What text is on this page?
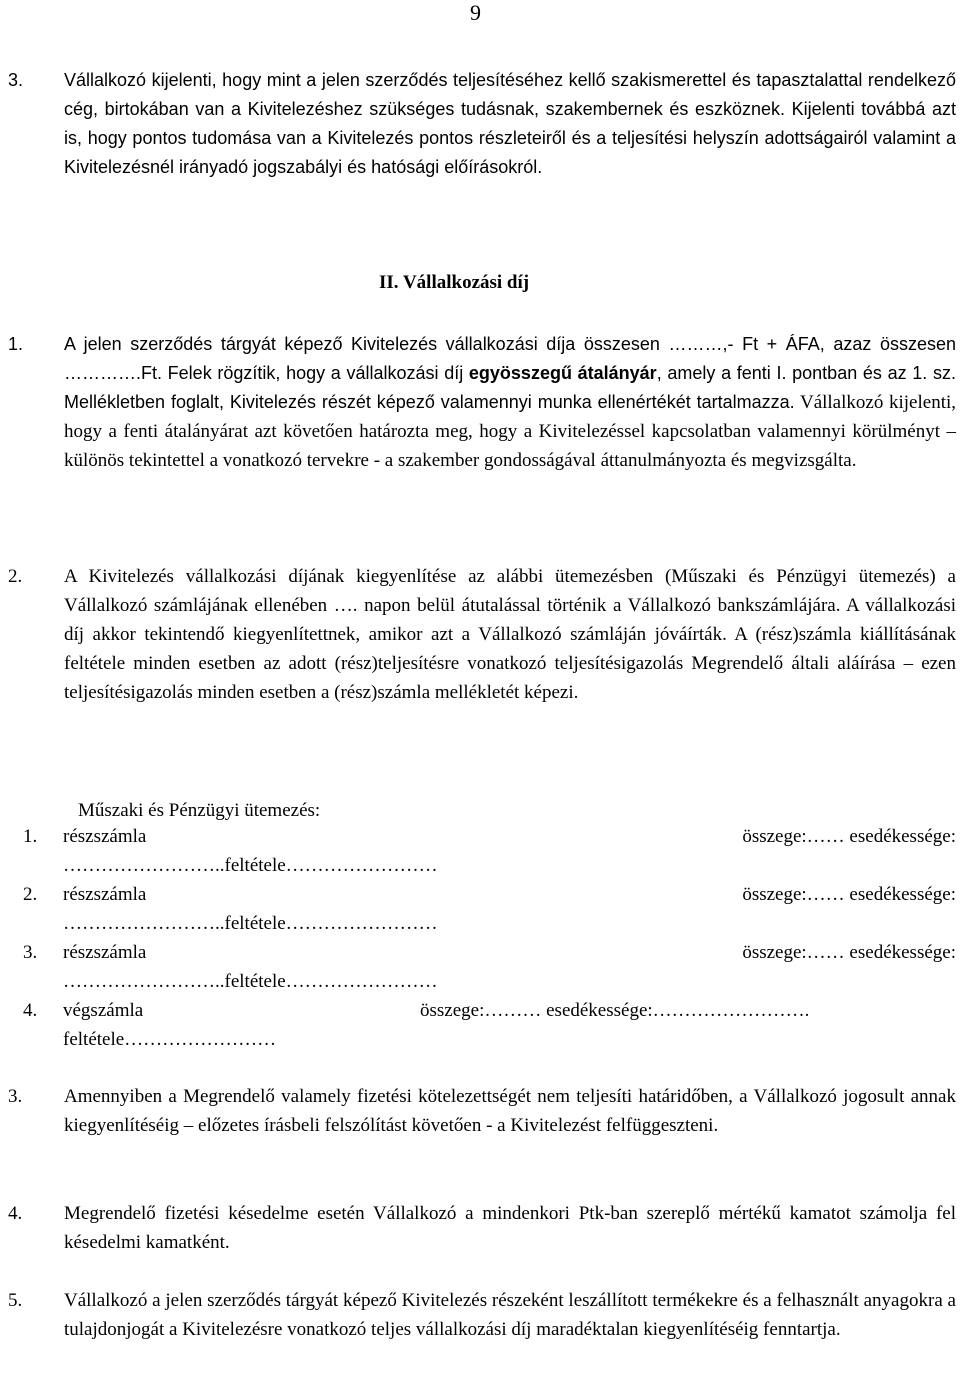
9
3.	Vállalkozó kijelenti, hogy mint a jelen szerződés teljesítéséhez kellő szakismerettel és tapasztalattal rendelkező cég, birtokában van a Kivitelezéshez szükséges tudásnak, szakembernek és eszköznek. Kijelenti továbbá azt is, hogy pontos tudomása van a Kivitelezés pontos részleteiről és a teljesítési helyszín adottságairól valamint a Kivitelezésnél irányadó jogszabályi és hatósági előírásokról.
II. Vállalkozási díj
1.	A jelen szerződés tárgyát képező Kivitelezés vállalkozási díja összesen ………,- Ft + ÁFA, azaz összesen ………….Ft. Felek rögzítik, hogy a vállalkozási díj egyösszegű átalányár, amely a fenti I. pontban és az 1. sz. Mellékletben foglalt, Kivitelezés részét képező valamennyi munka ellenértékét tartalmazza. Vállalkozó kijelenti, hogy a fenti átalányárat azt követően határozta meg, hogy a Kivitelezéssel kapcsolatban valamennyi körülményt – különös tekintettel a vonatkozó tervekre - a szakember gondosságával áttanulmányozta és megvizsgálta.
2.	A Kivitelezés vállalkozási díjának kiegyenlítése az alábbi ütemezésben (Műszaki és Pénzügyi ütemezés) a Vállalkozó számlájának ellenében …. napon belül átutalással történik a Vállalkozó bankszámlájára. A vállalkozási díj akkor tekintendő kiegyenlítettnek, amikor azt a Vállalkozó számláján jóváírták. A (rész)számla kiállításának feltétele minden esetben az adott (rész)teljesítésre vonatkozó teljesítésigazolás Megrendelő általi aláírása – ezen teljesítésigazolás minden esetben a (rész)számla mellékletét képezi.
Műszaki és Pénzügyi ütemezés:
1. részszámla	összege:…… esedékessége:
……………………..feltétele……………………
2. részszámla	összege:…… esedékessége:
……………………..feltétele……………………
3. részszámla	összege:…… esedékessége:
……………………..feltétele……………………
4. végszámla	összege:……… esedékessége:…………………….
feltétele……………………
3.	Amennyiben a Megrendelő valamely fizetési kötelezettségét nem teljesíti határidőben, a Vállalkozó jogosult annak kiegyenlítéséig – előzetes írásbeli felszólítást követően - a Kivitelezést felfüggeszteni.
4.	Megrendelő fizetési késedelme esetén Vállalkozó a mindenkori Ptk-ban szereplő mértékű kamatot számolja fel késedelmi kamatként.
5.	Vállalkozó a jelen szerződés tárgyát képező Kivitelezés részeként leszállított termékekre és a felhasznált anyagokra a tulajdonjogát a Kivitelezésre vonatkozó teljes vállalkozási díj maradéktalan kiegyenlítéséig fenntartja.
